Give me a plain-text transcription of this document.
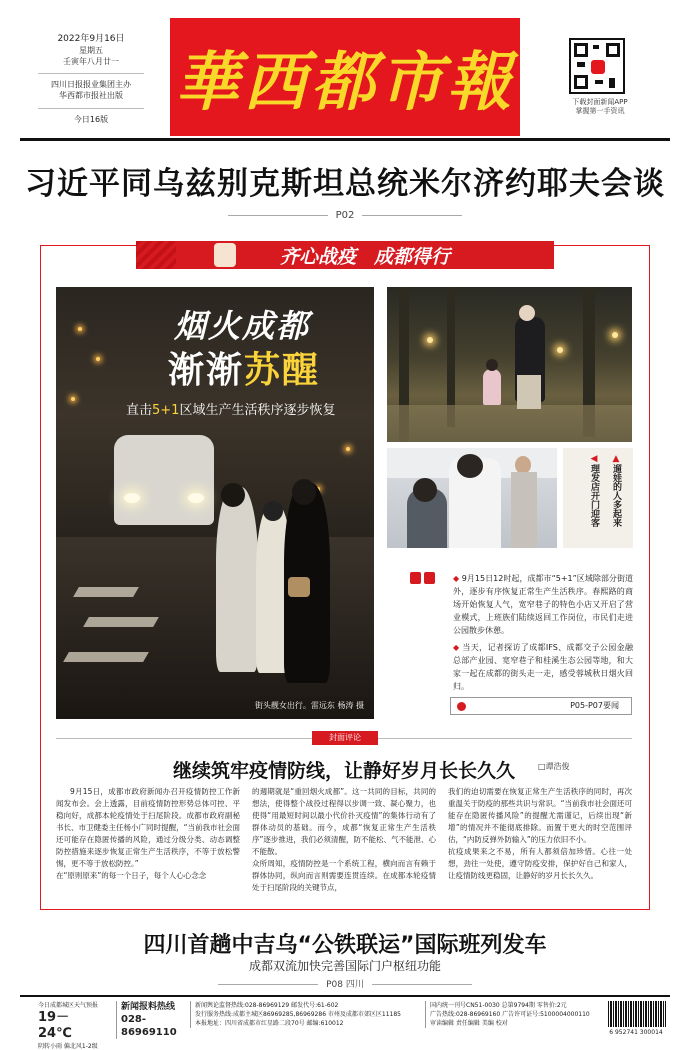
2022年9月16日
星期五
壬寅年八月廿一
四川日报报业集团主办
华西都市报社出版
今日16版	華西都市報	下载封面新闻APP
掌握第一手资讯
习近平同乌兹别克斯坦总统米尔济约耶夫会谈
P02
齐心战疫 成都得行
烟火成都
渐渐苏醒
直击5+1区域生产生活秩序逐步恢复
街头靓女出行。雷远东 杨涛 摄
▲遛娃的人多起来
◀理发店开门迎客

◆ 9月15日12时起，成都市“5+1”区域除部分街道外，逐步有序恢复正常生产生活秩序。春熙路的商场开始恢复人气，宽窄巷子的特色小店又开启了营业模式，上班族们陆续返回工作岗位，市民们走进公园散步休憩。

◆ 当天，记者探访了成都IFS、成都交子公园金融总部产业园、宽窄巷子和桂溪生态公园等地，和大家一起在成都的街头走一走，感受蓉城秋日烟火回归。

P05-P07要闻
封面评论
继续筑牢疫情防线，让静好岁月长长久久	□谭浩俊
9月15日，成都市政府新闻办召开疫情防控工作新闻发布会。会上透露，目前疫情防控形势总体可控、平稳向好，成都本轮疫情处于扫尾阶段。成都市政府副秘书长、市卫健委主任杨小广同时提醒，“当前我市社会面还可能存在隐匿传播的风险，通过分级分类、动态调整防控措施来逐步恢复正常生产生活秩序，不等于放松警惕，更不等于放松防控。”
在“原则原来”的每一个日子，每个人心心念念
的週期就是“重回烟火成都”。这一共同的目标，共同的想法，使得整个战役过程得以步调一致、凝心聚力，也使得“用最短时间以最小代价扑灭疫情”的集体行动有了群体动员的基础。而今，成都“恢复正常生产生活秩序”逐步推进，我们必须清醒，防不能松、气不能泄、心不能散。
众所周知，疫情防控是一个系统工程，横向而言有赖于群体协同，纵向而言则需要连贯连续。在成都本轮疫情处于扫尾阶段的关键节点，
我们的迫切需要在恢复正常生产生活秩序的同时，再次重温关于防疫的那些共识与常识。“当前我市社会面还可能存在隐匿传播风险”的提醒尤需谨记，后续出现“新增”的情况并不能彻底排除。而置于更大的时空范围评估，“内防反弹外防输入”的压力依旧不小。
抗疫成果来之不易，所有人都须倍加珍惜。心往一处想，劲往一处使，遵守防疫安排，保护好自己和家人，让疫情防线更稳固，让静好的岁月长长久久。
四川首趟中吉乌“公铁联运”国际班列发车
成都双流加快完善国际门户枢纽功能
P08 四川
今日成都城区天气预报
19－24℃
阴转小雨 偏北风1-2级
新闻报料热线
028-86969110
新闻舆论监督热线:028-86969129 邮发代号:61-602
发行服务热线:成都主城区86969285,86969286 市州及成都市郊区区11185
本报地址：四川省成都市红星路二段70号 邮编:610012
国内统一刊号CN51-0030 总第9794期 零售价:2元
广告热线:028-86969160 广告许可证号:5100004000110
审读编辑 责任编辑 美编 校对
6 952741 300014
